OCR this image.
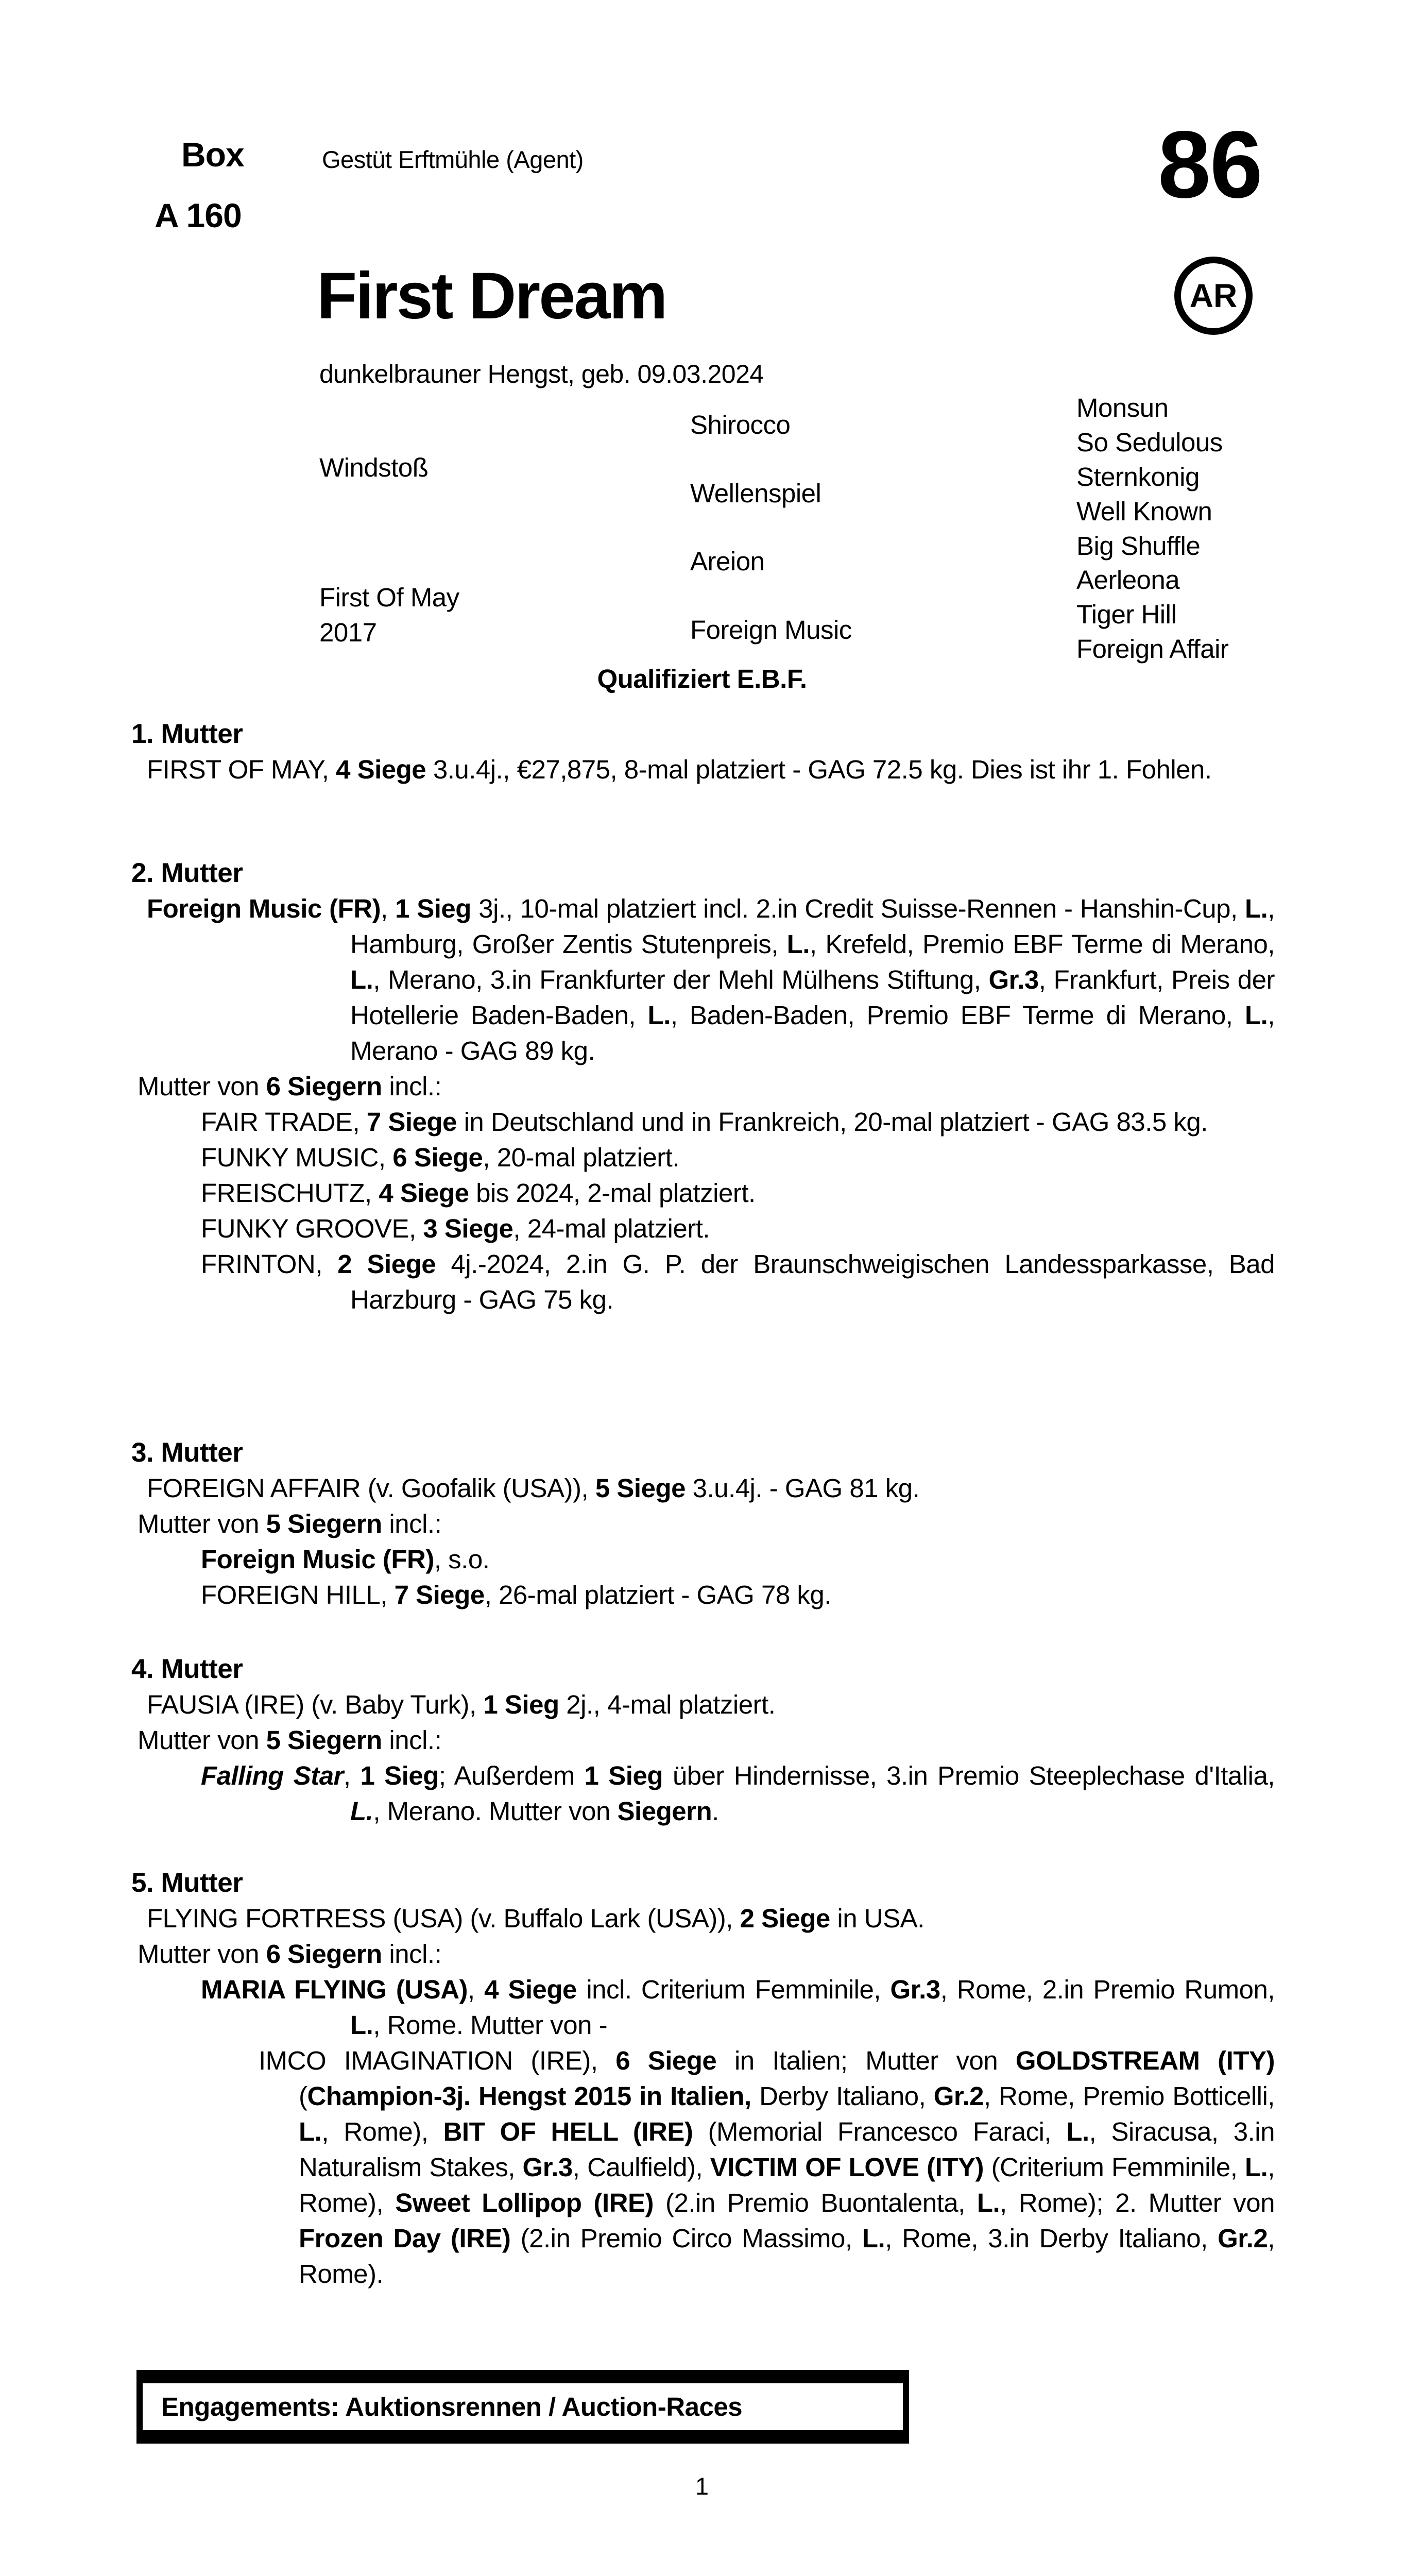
Box
A 160
Gestüt Erftmühle (Agent)	86
First Dream
dunkelbrauner Hengst, geb. 09.03.2024
AR
Windstoß
First Of May
2017
Shirocco
Wellenspiel
Areion
Foreign Music
Monsun
So Sedulous
Sternkonig
Well Known
Big Shuffle
Aerleona
Tiger Hill
Foreign Affair
Qualifiziert E.B.F.
1. Mutter
FIRST OF MAY, 4 Siege 3.u.4j., €27,875, 8-mal platziert - GAG 72.5 kg. Dies ist ihr 1. Fohlen.
2. Mutter
Foreign Music (FR), 1 Sieg 3j., 10-mal platziert incl. 2.in Credit Suisse-Rennen - Hanshin-Cup, L., Hamburg, Großer Zentis Stutenpreis, L., Krefeld, Premio EBF Terme di Merano, L., Merano, 3.in Frankfurter der Mehl Mülhens Stiftung, Gr.3, Frankfurt, Preis der Hotellerie Baden-Baden, L., Baden-Baden, Premio EBF Terme di Merano, L., Merano - GAG 89 kg.
Mutter von 6 Siegern incl.:
FAIR TRADE, 7 Siege in Deutschland und in Frankreich, 20-mal platziert - GAG 83.5 kg.
FUNKY MUSIC, 6 Siege, 20-mal platziert.
FREISCHUTZ, 4 Siege bis 2024, 2-mal platziert.
FUNKY GROOVE, 3 Siege, 24-mal platziert.
FRINTON, 2 Siege 4j.-2024, 2.in G. P. der Braunschweigischen Landessparkasse, Bad Harzburg - GAG 75 kg.
3. Mutter
FOREIGN AFFAIR (v. Goofalik (USA)), 5 Siege 3.u.4j. - GAG 81 kg.
Mutter von 5 Siegern incl.:
Foreign Music (FR), s.o.
FOREIGN HILL, 7 Siege, 26-mal platziert - GAG 78 kg.
4. Mutter
FAUSIA (IRE) (v. Baby Turk), 1 Sieg 2j., 4-mal platziert.
Mutter von 5 Siegern incl.:
Falling Star, 1 Sieg; Außerdem 1 Sieg über Hindernisse, 3.in Premio Steeplechase d'Italia, L., Merano. Mutter von Siegern.
5. Mutter
FLYING FORTRESS (USA) (v. Buffalo Lark (USA)), 2 Siege in USA.
Mutter von 6 Siegern incl.:
MARIA FLYING (USA), 4 Siege incl. Criterium Femminile, Gr.3, Rome, 2.in Premio Rumon, L., Rome. Mutter von -
IMCO IMAGINATION (IRE), 6 Siege in Italien; Mutter von GOLDSTREAM (ITY) (Champion-3j. Hengst 2015 in Italien, Derby Italiano, Gr.2, Rome, Premio Botticelli, L., Rome), BIT OF HELL (IRE) (Memorial Francesco Faraci, L., Siracusa, 3.in Naturalism Stakes, Gr.3, Caulfield), VICTIM OF LOVE (ITY) (Criterium Femminile, L., Rome), Sweet Lollipop (IRE) (2.in Premio Buontalenta, L., Rome); 2. Mutter von Frozen Day (IRE) (2.in Premio Circo Massimo, L., Rome, 3.in Derby Italiano, Gr.2, Rome).
Engagements: Auktionsrennen / Auction-Races
1
